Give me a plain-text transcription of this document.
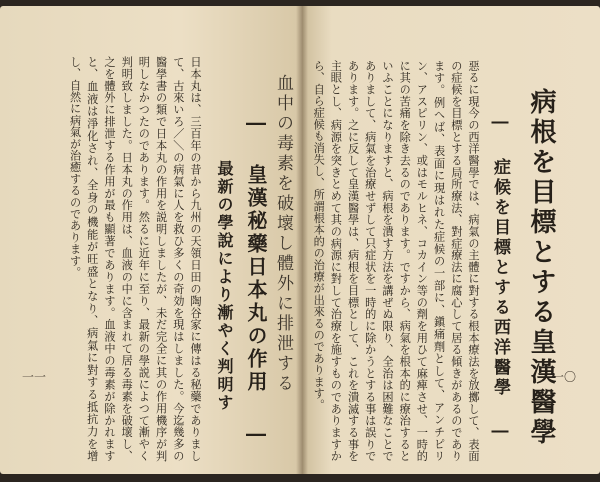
病根を目標とする皇漢醫學
― 症候を目標とする西洋醫學 ―
惡るに現今の西洋醫學では、病氣の主體に對する根本療法を放擲して、表面の症候を目標とする局所療法、對症療法に腐心して居る傾きがあるのであります。例へば、表面に現はれた症候の一部に、鎭痛劑として、アンチピリン、アスピリン、或はモルヒネ、コカイン等の劑を用ひて麻痺させ、一時的に其の苦痛を除き去るのであります。ですから、病氣を根本的に療治するといふことになりますと、病根を潰す方法を講ぜぬ限り、全治は困難なことでありまして、病氣を治療せずして只症状を一時的に除かうとする事は誤りであります。之に反して皇漢醫學は、病根を目標として、これを潰滅する事を主眼とし、病源を突きとめて其の病源に對して治療を施すものでありますから、自ら症候も消失し、所謂根本的の治療が出來るのであります。	一〇
血中の毒素を破壞し體外に排泄する
― 皇漢秘藥日本丸の作用 ―
最新の學說により漸やく判明す
日本丸は、三百年の昔から九州の天領日田の陶谷家に傳はる秘藥でありまして、古來いろ／＼の病氣に人を救ひ多くの奇効を現はしました。今迄幾多の醫學書の類で日本丸の作用を説明しましたが、未だ完全に其の作用機序が判明しなかつたのであります。然るに近年に至り、最新の學説によつて漸やく判明致しました。日本丸の作用は、血液の中に含まれて居る毒素を破壞し、之を體外に排泄する作用が最も顯著であります。血液中の毒素が除かれますと、血液は淨化され、全身の機能が旺盛となり、病氣に對する抵抗力を增し、自然に病氣が治癒するのであります。
一一
